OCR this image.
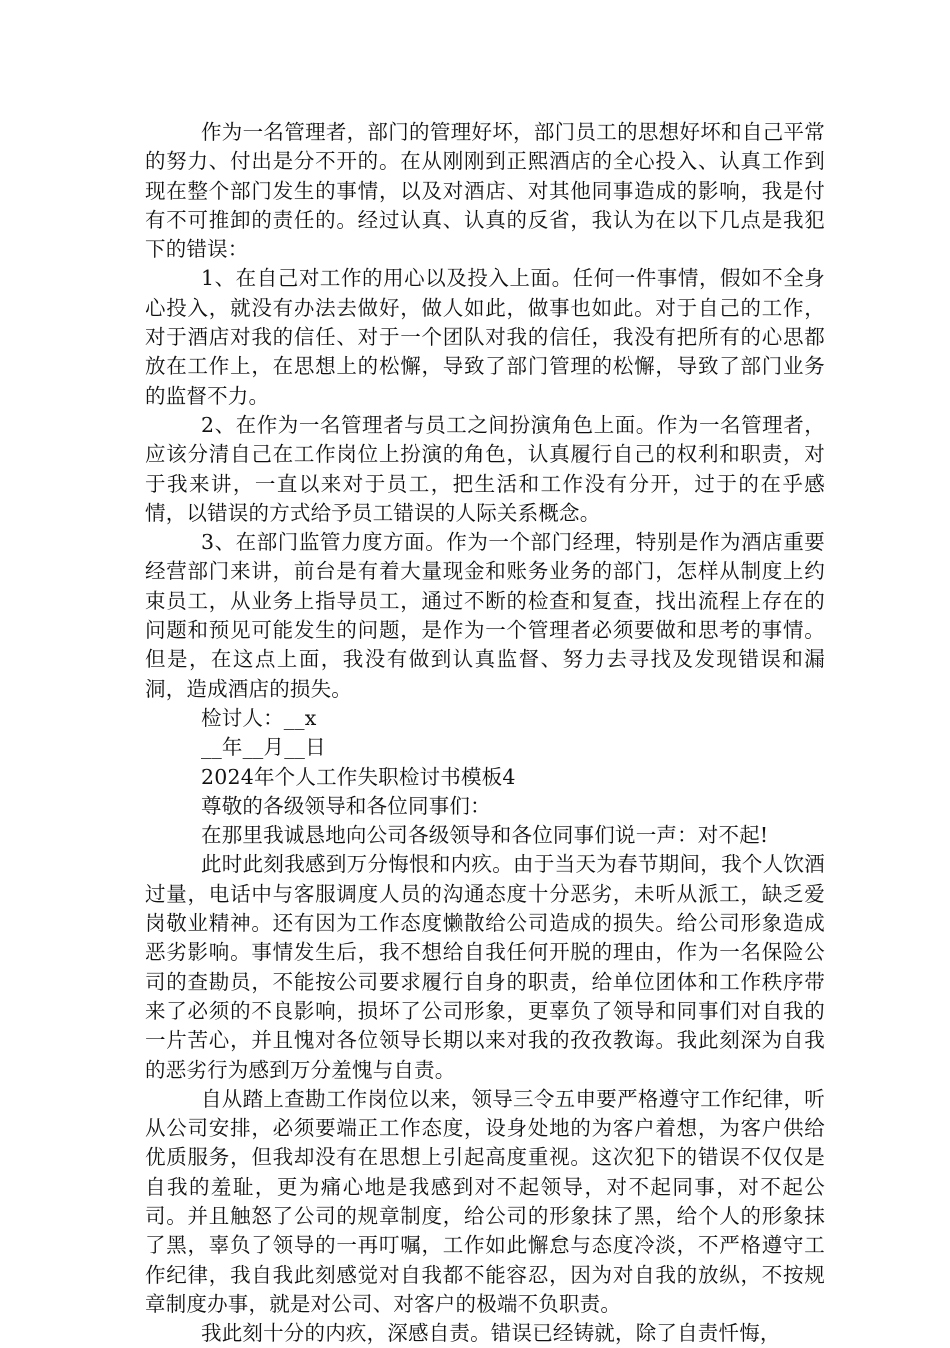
作为一名管理者，部门的管理好坏，部门员工的思想好坏和自己平常的努力、付出是分不开的。在从刚刚到正熙酒店的全心投入、认真工作到现在整个部门发生的事情，以及对酒店、对其他同事造成的影响，我是付有不可推卸的责任的。经过认真、认真的反省，我认为在以下几点是我犯下的错误：

1、在自己对工作的用心以及投入上面。任何一件事情，假如不全身心投入，就没有办法去做好，做人如此，做事也如此。对于自己的工作，对于酒店对我的信任、对于一个团队对我的信任，我没有把所有的心思都放在工作上，在思想上的松懈，导致了部门管理的松懈，导致了部门业务的监督不力。

2、在作为一名管理者与员工之间扮演角色上面。作为一名管理者，应该分清自己在工作岗位上扮演的角色，认真履行自己的权利和职责，对于我来讲，一直以来对于员工，把生活和工作没有分开，过于的在乎感情，以错误的方式给予员工错误的人际关系概念。

3、在部门监管力度方面。作为一个部门经理，特别是作为酒店重要经营部门来讲，前台是有着大量现金和账务业务的部门，怎样从制度上约束员工，从业务上指导员工，通过不断的检查和复查，找出流程上存在的问题和预见可能发生的问题，是作为一个管理者必须要做和思考的事情。但是，在这点上面，我没有做到认真监督、努力去寻找及发现错误和漏洞，造成酒店的损失。

检讨人：__x

__年__月__日

2024年个人工作失职检讨书模板4

尊敬的各级领导和各位同事们：

在那里我诚恳地向公司各级领导和各位同事们说一声：对不起!

此时此刻我感到万分悔恨和内疚。由于当天为春节期间，我个人饮酒过量，电话中与客服调度人员的沟通态度十分恶劣，未听从派工，缺乏爱岗敬业精神。还有因为工作态度懒散给公司造成的损失。给公司形象造成恶劣影响。事情发生后，我不想给自我任何开脱的理由，作为一名保险公司的查勘员，不能按公司要求履行自身的职责，给单位团体和工作秩序带来了必须的不良影响，损坏了公司形象，更辜负了领导和同事们对自我的一片苦心，并且愧对各位领导长期以来对我的孜孜教诲。我此刻深为自我的恶劣行为感到万分羞愧与自责。

自从踏上查勘工作岗位以来，领导三令五申要严格遵守工作纪律，听从公司安排，必须要端正工作态度，设身处地的为客户着想，为客户供给优质服务，但我却没有在思想上引起高度重视。这次犯下的错误不仅仅是自我的羞耻，更为痛心地是我感到对不起领导，对不起同事，对不起公司。并且触怒了公司的规章制度，给公司的形象抹了黑，给个人的形象抹了黑，辜负了领导的一再叮嘱，工作如此懈怠与态度冷淡，不严格遵守工作纪律，我自我此刻感觉对自我都不能容忍，因为对自我的放纵，不按规章制度办事，就是对公司、对客户的极端不负职责。

我此刻十分的内疚，深感自责。错误已经铸就，除了自责忏悔，
